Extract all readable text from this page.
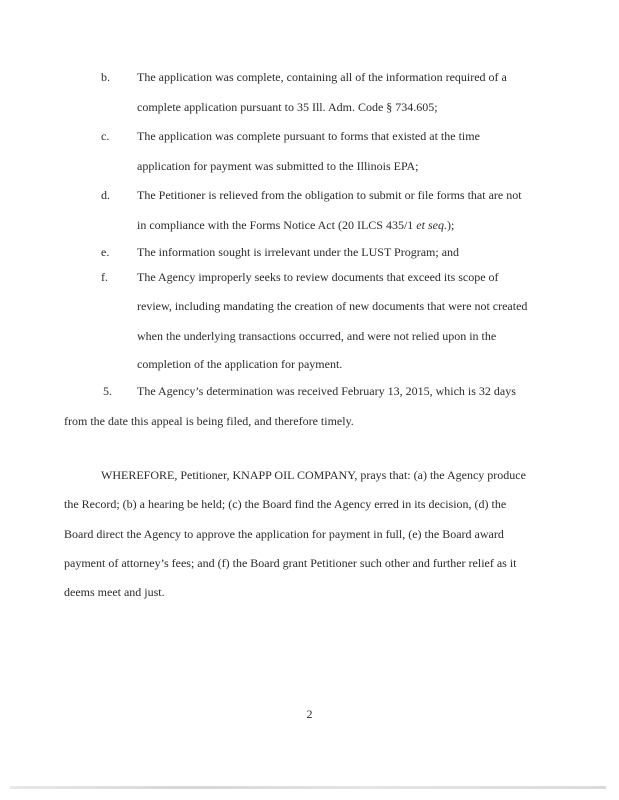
b. The application was complete, containing all of the information required of a
complete application pursuant to 35 Ill. Adm. Code § 734.605;
c. The application was complete pursuant to forms that existed at the time
application for payment was submitted to the Illinois EPA;
d. The Petitioner is relieved from the obligation to submit or file forms that are not
in compliance with the Forms Notice Act (20 ILCS 435/1 et seq.);
e. The information sought is irrelevant under the LUST Program; and
f. The Agency improperly seeks to review documents that exceed its scope of
review, including mandating the creation of new documents that were not created
when the underlying transactions occurred, and were not relied upon in the
completion of the application for payment.
5. The Agency’s determination was received February 13, 2015, which is 32 days
from the date this appeal is being filed, and therefore timely.
WHEREFORE, Petitioner, KNAPP OIL COMPANY, prays that: (a) the Agency produce
the Record; (b) a hearing be held; (c) the Board find the Agency erred in its decision, (d) the
Board direct the Agency to approve the application for payment in full, (e) the Board award
payment of attorney’s fees; and (f) the Board grant Petitioner such other and further relief as it
deems meet and just.
2
